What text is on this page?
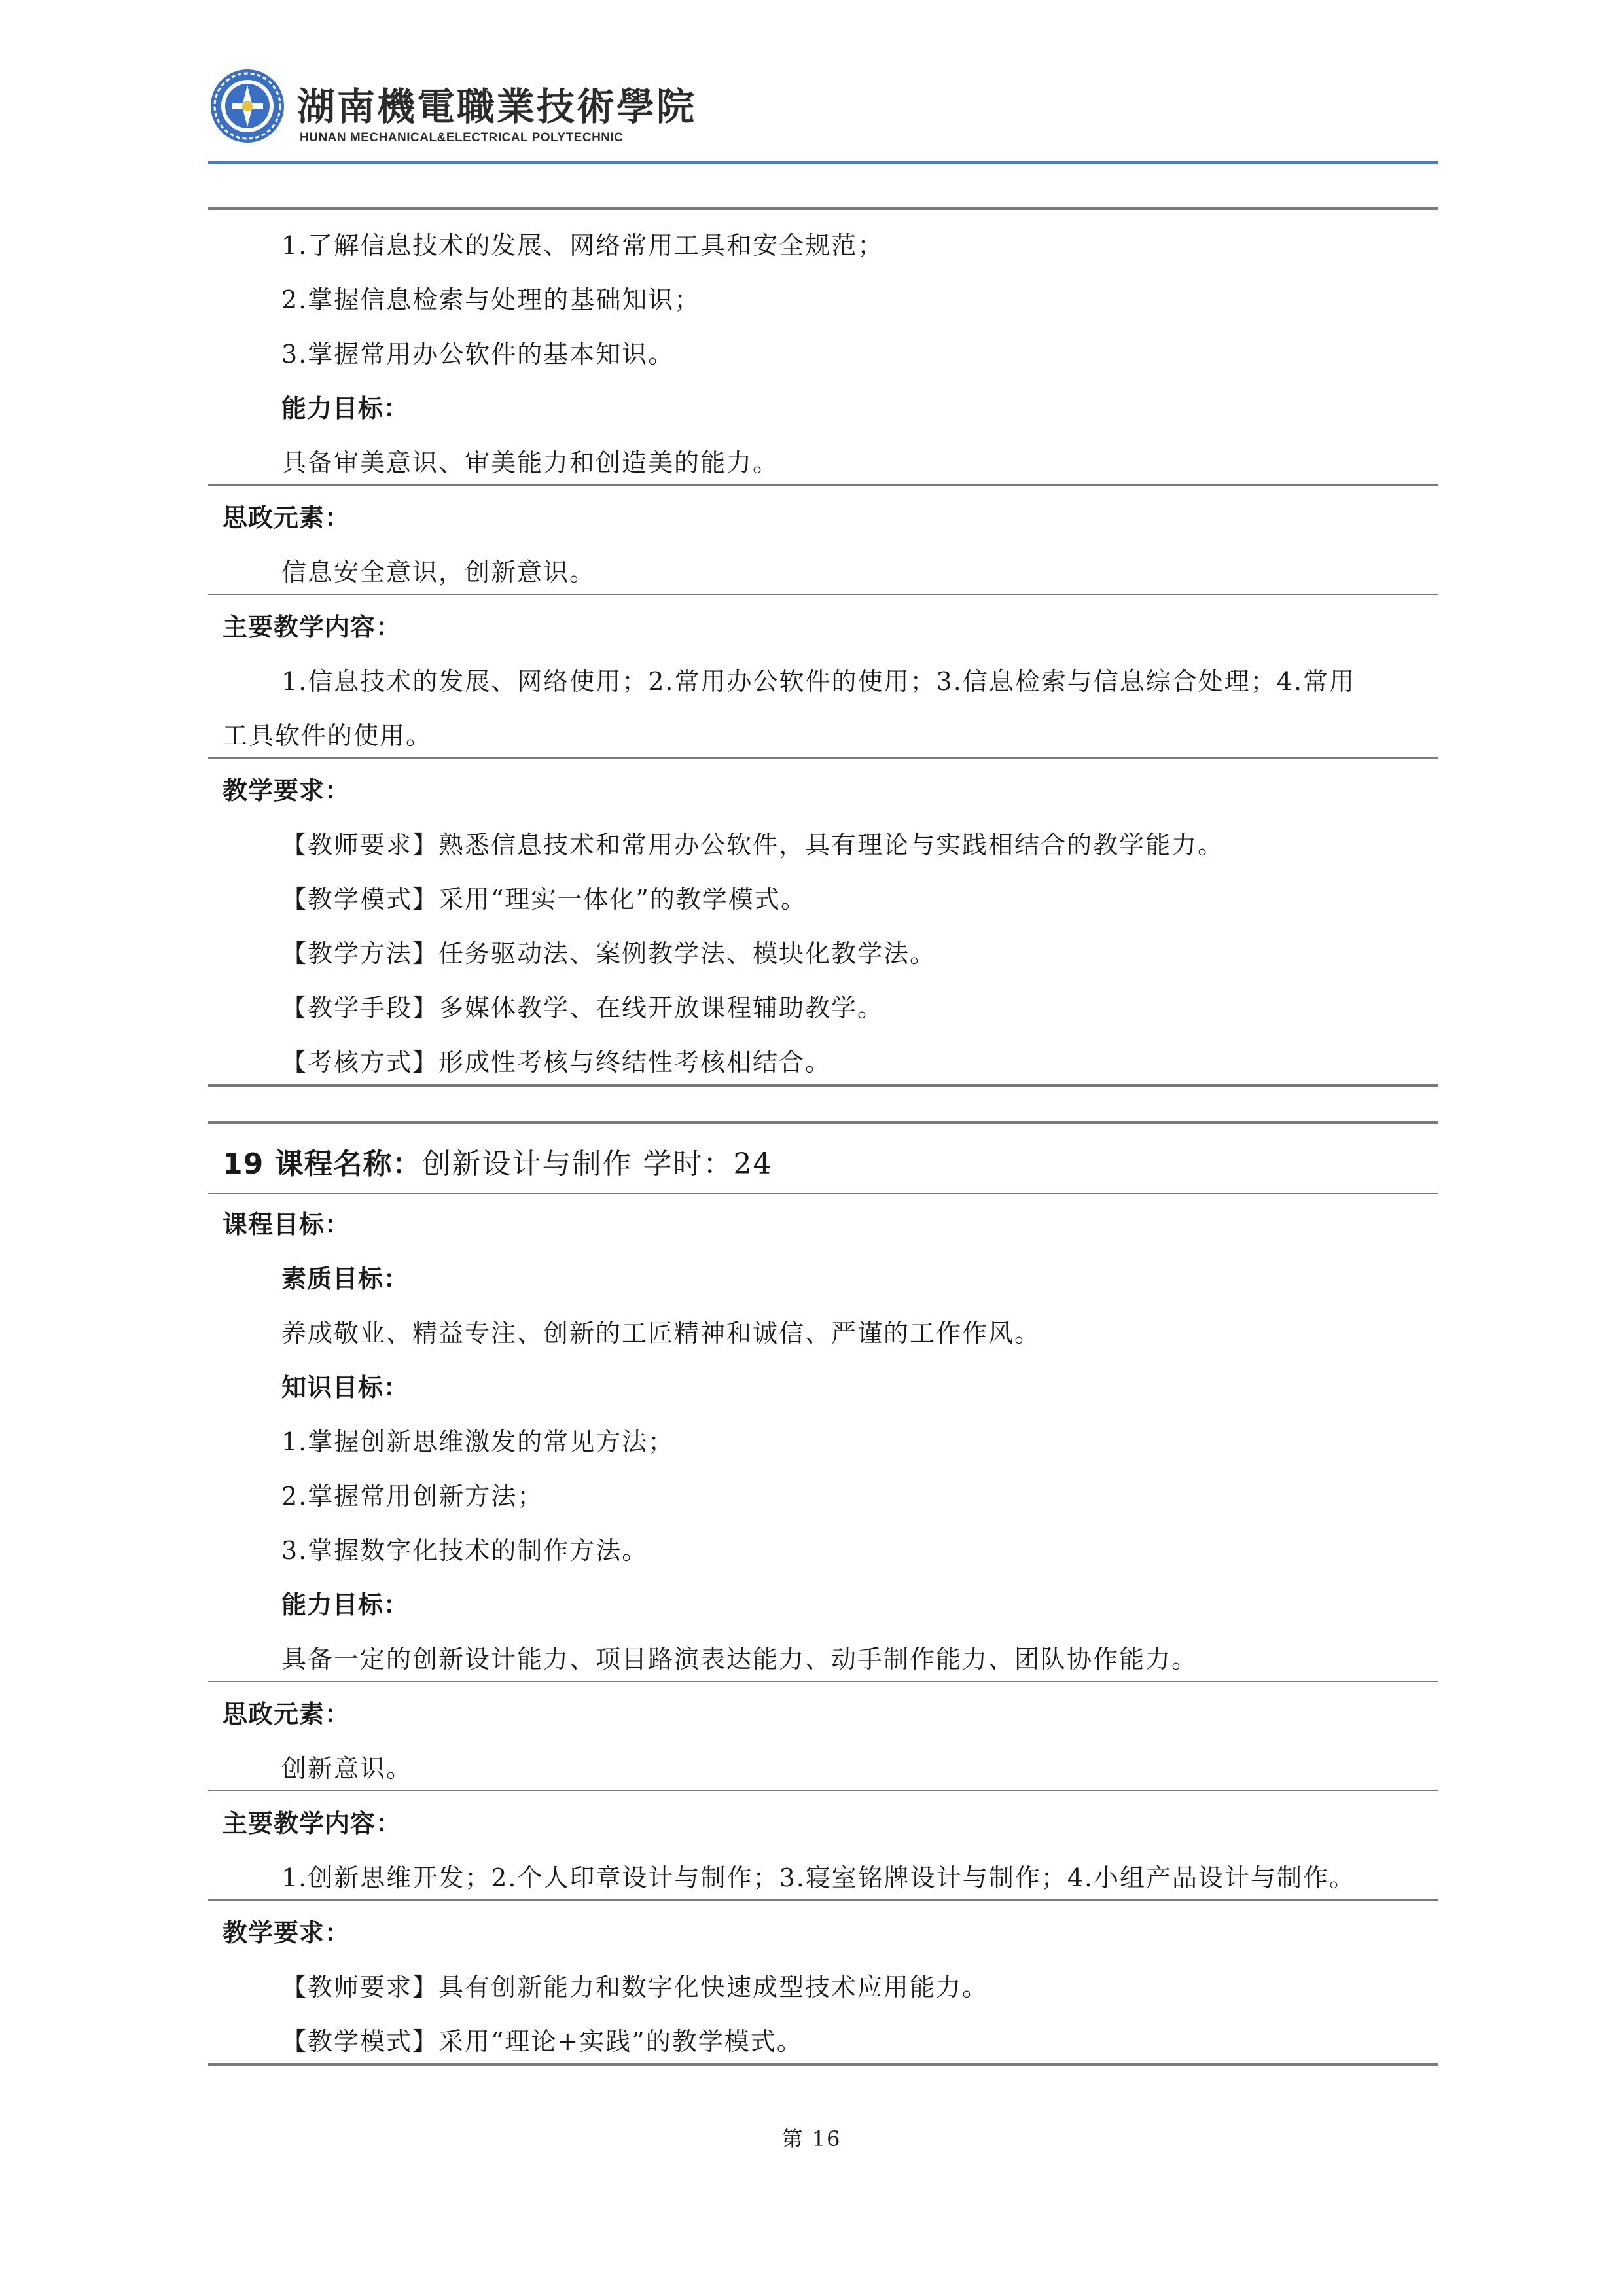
湖南機電職業技術學院
HUNAN MECHANICAL&ELECTRICAL POLYTECHNIC
1.了解信息技术的发展、网络常用工具和安全规范；
2.掌握信息检索与处理的基础知识；
3.掌握常用办公软件的基本知识。
能力目标：
具备审美意识、审美能力和创造美的能力。
思政元素：
信息安全意识，创新意识。
主要教学内容：
1.信息技术的发展、网络使用；2.常用办公软件的使用；3.信息检索与信息综合处理；4.常用
工具软件的使用。
教学要求：
【教师要求】熟悉信息技术和常用办公软件，具有理论与实践相结合的教学能力。
【教学模式】采用“理实一体化”的教学模式。
【教学方法】任务驱动法、案例教学法、模块化教学法。
【教学手段】多媒体教学、在线开放课程辅助教学。
【考核方式】形成性考核与终结性考核相结合。
19 课程名称：创新设计与制作 学时：24
课程目标：
素质目标：
养成敬业、精益专注、创新的工匠精神和诚信、严谨的工作作风。
知识目标：
1.掌握创新思维激发的常见方法；
2.掌握常用创新方法；
3.掌握数字化技术的制作方法。
能力目标：
具备一定的创新设计能力、项目路演表达能力、动手制作能力、团队协作能力。
思政元素：
创新意识。
主要教学内容：
1.创新思维开发；2.个人印章设计与制作；3.寝室铭牌设计与制作；4.小组产品设计与制作。
教学要求：
【教师要求】具有创新能力和数字化快速成型技术应用能力。
【教学模式】采用“理论+实践”的教学模式。
第 16
